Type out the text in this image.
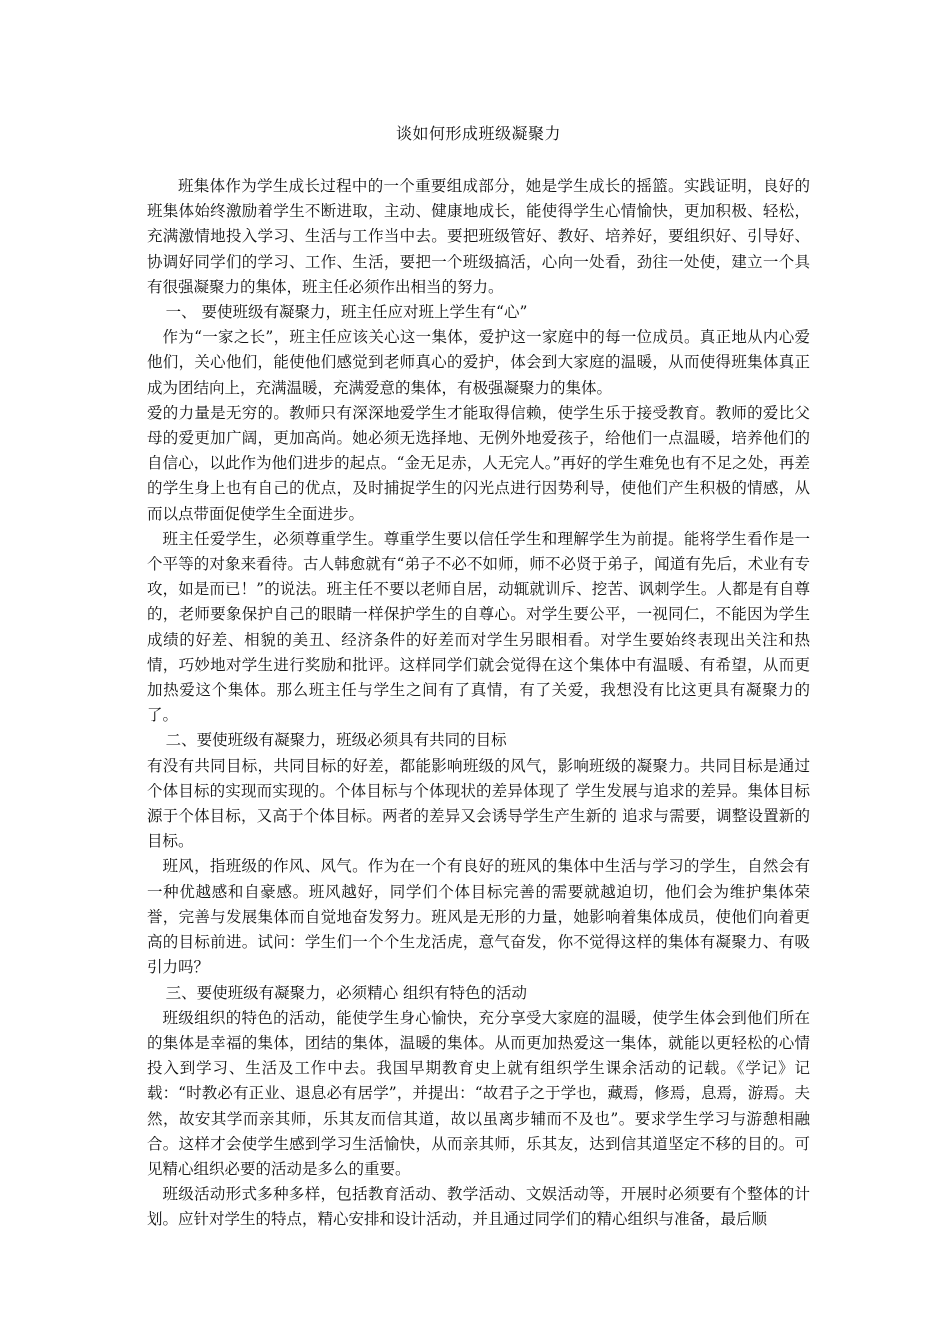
谈如何形成班级凝聚力

班集体作为学生成长过程中的一个重要组成部分，她是学生成长的摇篮。实践证明，良好的班集体始终激励着学生不断进取，主动、健康地成长，能使得学生心情愉快，更加积极、轻松，充满激情地投入学习、生活与工作当中去。要把班级管好、教好、培养好，要组织好、引导好、协调好同学们的学习、工作、生活，要把一个班级搞活，心向一处看，劲往一处使，建立一个具有很强凝聚力的集体，班主任必须作出相当的努力。

一、 要使班级有凝聚力，班主任应对班上学生有“心”

作为“一家之长”，班主任应该关心这一集体，爱护这一家庭中的每一位成员。真正地从内心爱他们，关心他们，能使他们感觉到老师真心的爱护，体会到大家庭的温暖，从而使得班集体真正成为团结向上，充满温暖，充满爱意的集体，有极强凝聚力的集体。

爱的力量是无穷的。教师只有深深地爱学生才能取得信赖，使学生乐于接受教育。教师的爱比父母的爱更加广阔，更加高尚。她必须无选择地、无例外地爱孩子，给他们一点温暖，培养他们的自信心，以此作为他们进步的起点。“金无足赤，人无完人。”再好的学生难免也有不足之处，再差的学生身上也有自己的优点，及时捕捉学生的闪光点进行因势利导，使他们产生积极的情感，从而以点带面促使学生全面进步。

班主任爱学生，必须尊重学生。尊重学生要以信任学生和理解学生为前提。能将学生看作是一个平等的对象来看待。古人韩愈就有“弟子不必不如师，师不必贤于弟子，闻道有先后，术业有专攻，如是而已！”的说法。班主任不要以老师自居，动辄就训斥、挖苦、讽刺学生。人都是有自尊的，老师要象保护自己的眼睛一样保护学生的自尊心。对学生要公平，一视同仁，不能因为学生成绩的好差、相貌的美丑、经济条件的好差而对学生另眼相看。对学生要始终表现出关注和热情，巧妙地对学生进行奖励和批评。这样同学们就会觉得在这个集体中有温暖、有希望，从而更加热爱这个集体。那么班主任与学生之间有了真情，有了关爱，我想没有比这更具有凝聚力的了。

二、要使班级有凝聚力，班级必须具有共同的目标

有没有共同目标，共同目标的好差，都能影响班级的风气，影响班级的凝聚力。共同目标是通过个体目标的实现而实现的。个体目标与个体现状的差异体现了 学生发展与追求的差异。集体目标源于个体目标，又高于个体目标。两者的差异又会诱导学生产生新的 追求与需要，调整设置新的目标。

班风，指班级的作风、风气。作为在一个有良好的班风的集体中生活与学习的学生，自然会有一种优越感和自豪感。班风越好，同学们个体目标完善的需要就越迫切，他们会为维护集体荣誉，完善与发展集体而自觉地奋发努力。班风是无形的力量，她影响着集体成员，使他们向着更高的目标前进。试问：学生们一个个生龙活虎，意气奋发，你不觉得这样的集体有凝聚力、有吸引力吗？

三、要使班级有凝聚力，必须精心 组织有特色的活动

班级组织的特色的活动，能使学生身心愉快，充分享受大家庭的温暖，使学生体会到他们所在的集体是幸福的集体，团结的集体，温暖的集体。从而更加热爱这一集体，就能以更轻松的心情投入到学习、生活及工作中去。我国早期教育史上就有组织学生课余活动的记载。《学记》记载：“时教必有正业、退息必有居学”，并提出：“故君子之于学也，藏焉，修焉，息焉，游焉。夫然，故安其学而亲其师，乐其友而信其道，故以虽离步辅而不及也”。要求学生学习与游憩相融合。这样才会使学生感到学习生活愉快，从而亲其师，乐其友，达到信其道坚定不移的目的。可见精心组织必要的活动是多么的重要。

班级活动形式多种多样，包括教育活动、教学活动、文娱活动等，开展时必须要有个整体的计划。应针对学生的特点，精心安排和设计活动，并且通过同学们的精心组织与准备，最后顺
